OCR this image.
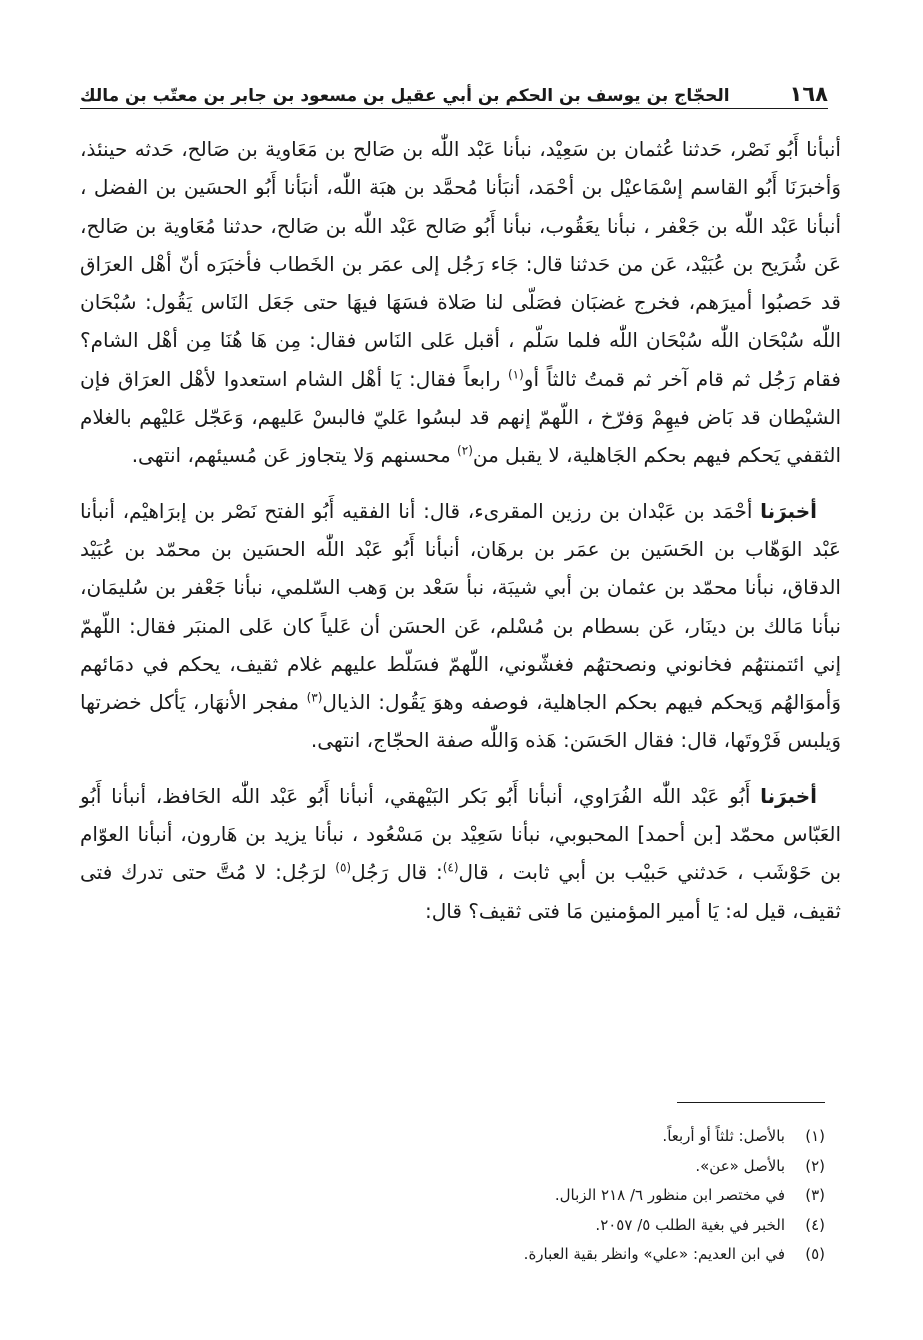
١٦٨
الحجّاج بن يوسف بن الحكم بن أبي عقيل بن مسعود بن جابر بن معتّب بن مالك

أنبأنا أَبُو نَصْر، حَدثنا عُثمان بن سَعِيْد، نبأنا عَبْد اللّٰه بن صَالح بن مَعَاوية بن صَالح، حَدثه حينئذ، وَأخبرَنَا أَبُو القاسم إسْمَاعيْل بن أحْمَد، أنبَأنا مُحمَّد بن هبَة اللّٰه، أنبَأنا أَبُو الحسَين بن الفضل ، أنبأنا عَبْد اللّٰه بن جَعْفر ، نبأنا يعَقُوب، نبأنا أَبُو صَالح عَبْد اللّٰه بن صَالح، حدثنا مُعَاوية بن صَالح، عَن شُرَيح بن عُبَيْد، عَن من حَدثنا قال: جَاء رَجُل إلى عمَر بن الخَطاب فأخبَرَه أنّ أهْل العرَاق قد حَصبُوا أميرَهم، فخرج غضبَان فصَلّى لنا صَلاة فسَهَا فيهَا حتى جَعَل النَاس يَقُول: سُبْحَان اللّٰه سُبْحَان اللّٰه سُبْحَان اللّٰه فلما سَلّم ، أقبل عَلى النَاس فقال: مِن هَا هُنَا مِن أهْل الشام؟ فقام رَجُل ثم قام آخر ثم قمتُ ثالثاً أو$^{(١)}$ رابعاً فقال: يَا أهْل الشام استعدوا لأهْل العرَاق فإن الشيْطان قد بَاض فيهِمْ وَفرّخ ، اللّهمّ إنهم قد لبسُوا عَليّ فالبسْ عَليهم، وَعَجّل عَليْهم بالغلام الثقفي يَحكم فيهم بحكم الجَاهلية، لا يقبل من$^{(٢)}$ محسنهم وَلا يتجاوز عَن مُسيئهم، انتهى.

أخبرَنا أحْمَد بن عَبْدان بن رزين المقرىء، قال: أنا الفقيه أَبُو الفتح نَصْر بن إبرَاهيْم، أنبأنا عَبْد الوَهّاب بن الحَسَين بن عمَر بن برهَان، أنبأنا أَبُو عَبْد اللّٰه الحسَين بن محمّد بن عُبَيْد الدقاق، نبأنا محمّد بن عثمان بن أبي شيبَة، نبأ سَعْد بن وَهب السّلمي، نبأنا جَعْفر بن سُليمَان، نبأنا مَالك بن دينَار، عَن بسطام بن مُسْلم، عَن الحسَن أن عَلياً كان عَلى المنبَر فقال: اللّهمّ إني ائتمنتهُم فخانوني ونصحتهُم فغشّوني، اللّهمّ فسَلّط عليهم غلام ثقيف، يحكم في دمَائهم وَأموَالهُم وَيحكم فيهم بحكم الجاهلية، فوصفه وهوَ يَقُول: الذيال$^{(٣)}$ مفجر الأنهَار، يَأكل خضرتها وَيلبس فَرْوتَها، قال: فقال الحَسَن: هَذه وَاللّٰه صفة الحجّاج، انتهى.

أخبرَنا أَبُو عَبْد اللّٰه الفُرَاوي، أنبأنا أَبُو بَكر البَيْهقي، أنبأنا أَبُو عَبْد اللّٰه الحَافظ، أنبأنا أَبُو العَبّاس محمّد [بن أحمد] المحبوبي، نبأنا سَعِيْد بن مَسْعُود ، نبأنا يزيد بن هَارون، أنبأنا العوّام بن حَوْشَب ، حَدثني حَبيْب بن أبي ثابت ، قال$^{(٤)}$: قال رَجُل$^{(٥)}$ لرَجُل: لا مُتَّ حتى تدرك فتى ثقيف، قيل له: يَا أمير المؤمنين مَا فتى ثقيف؟ قال:

(١)
بالأصل: ثلثاً أو أربعاً.
(٢)
بالأصل «عن».
(٣)
في مختصر ابن منظور ٦/ ٢١٨ الزبال.
(٤)
الخبر في بغية الطلب ٥/ ٢٠٥٧.
(٥)
في ابن العديم: «علي» وانظر بقية العبارة.
